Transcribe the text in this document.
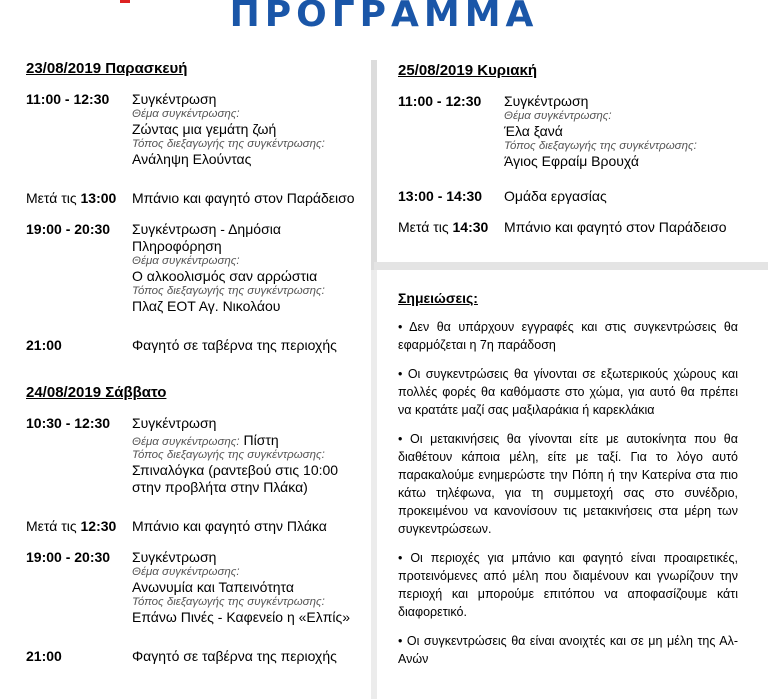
ΠΡΟΓΡΑΜΜΑ
23/08/2019 Παρασκευή
11:00 - 12:30	Συγκέντρωση
Θέμα συγκέντρωσης:
Ζώντας μια γεμάτη ζωή
Τόπος διεξαγωγής της συγκέντρωσης:
Ανάληψη Ελούντας
Μετά τις 13:00	Μπάνιο και φαγητό στον Παράδεισο
19:00 - 20:30	Συγκέντρωση - Δημόσια Πληροφόρηση
Θέμα συγκέντρωσης:
Ο αλκοολισμός σαν αρρώστια
Τόπος διεξαγωγής της συγκέντρωσης:
Πλαζ ΕΟΤ Αγ. Νικολάου
21:00	Φαγητό σε ταβέρνα της περιοχής
24/08/2019 Σάββατο
10:30 - 12:30	Συγκέντρωση
Θέμα συγκέντρωσης: Πίστη
Τόπος διεξαγωγής της συγκέντρωσης:
Σπιναλόγκα (ραντεβού στις 10:00 στην προβλήτα στην Πλάκα)
Μετά τις 12:30	Μπάνιο και φαγητό στην Πλάκα
19:00 - 20:30	Συγκέντρωση
Θέμα συγκέντρωσης:
Ανωνυμία και Ταπεινότητα
Τόπος διεξαγωγής της συγκέντρωσης:
Επάνω Πινές - Καφενείο η «Ελπίς»
21:00	Φαγητό σε ταβέρνα της περιοχής
25/08/2019 Κυριακή
11:00 - 12:30	Συγκέντρωση
Θέμα συγκέντρωσης:
Έλα ξανά
Τόπος διεξαγωγής της συγκέντρωσης:
Άγιος Εφραίμ Βρουχά
13:00 - 14:30	Ομάδα εργασίας
Μετά τις 14:30	Μπάνιο και φαγητό στον Παράδεισο
Σημειώσεις:
• Δεν θα υπάρχουν εγγραφές και στις συγκεντρώσεις θα εφαρμόζεται η 7η παράδοση
• Οι συγκεντρώσεις θα γίνονται σε εξωτερικούς χώρους και πολλές φορές θα καθόμαστε στο χώμα, για αυτό θα πρέπει να κρατάτε μαζί σας μαξιλαράκια ή καρεκλάκια
• Οι μετακινήσεις θα γίνονται είτε με αυτοκίνητα που θα διαθέτουν κάποια μέλη, είτε με ταξί. Για το λόγο αυτό παρακαλούμε ενημερώστε την Πόπη ή την Κατερίνα στα πιο κάτω τηλέφωνα, για τη συμμετοχή σας στο συνέδριο, προκειμένου να κανονίσουν τις μετακινήσεις στα μέρη των συγκεντρώσεων.
• Οι περιοχές για μπάνιο και φαγητό είναι προαιρετικές, προτεινόμενες από μέλη που διαμένουν και γνωρίζουν την περιοχή και μπορούμε επιτόπου να αποφασίζουμε κάτι διαφορετικό.
• Οι συγκεντρώσεις θα είναι ανοιχτές και σε μη μέλη της Αλ-Ανών
